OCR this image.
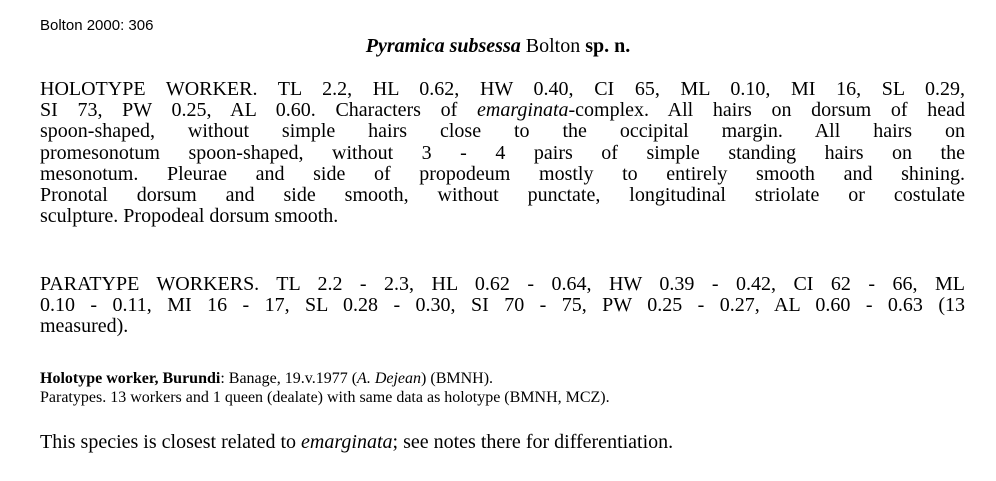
Bolton 2000: 306

Pyramica subsessa Bolton sp. n.

HOLOTYPE WORKER. TL 2.2, HL 0.62, HW 0.40, CI 65, ML 0.10, MI 16, SL 0.29,
SI 73, PW 0.25, AL 0.60. Characters of emarginata-complex. All hairs on dorsum of head
spoon-shaped, without simple hairs close to the occipital margin. All hairs on
promesonotum spoon-shaped, without 3 - 4 pairs of simple standing hairs on the
mesonotum. Pleurae and side of propodeum mostly to entirely smooth and shining.
Pronotal dorsum and side smooth, without punctate, longitudinal striolate or costulate
sculpture. Propodeal dorsum smooth.
PARATYPE WORKERS. TL 2.2 - 2.3, HL 0.62 - 0.64, HW 0.39 - 0.42, CI 62 - 66, ML
0.10 - 0.11, MI 16 - 17, SL 0.28 - 0.30, SI 70 - 75, PW 0.25 - 0.27, AL 0.60 - 0.63 (13
measured).

Holotype worker, Burundi: Banage, 19.v.1977 (A. Dejean) (BMNH).

Paratypes. 13 workers and 1 queen (dealate) with same data as holotype (BMNH, MCZ).

This species is closest related to emarginata; see notes there for differentiation.
